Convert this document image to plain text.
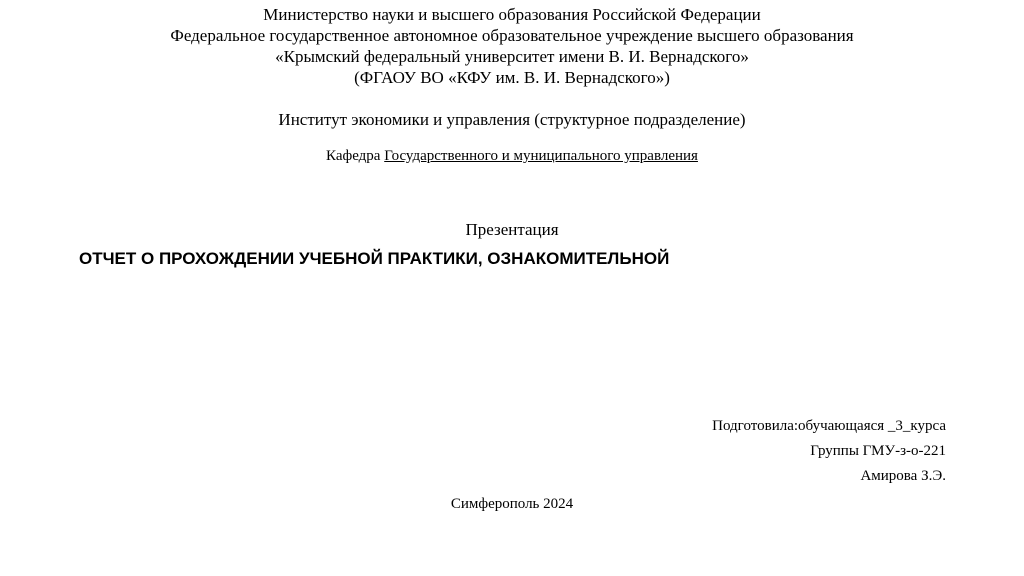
Министерство науки и высшего образования Российской Федерации
Федеральное государственное автономное образовательное учреждение высшего образования
«Крымский федеральный университет имени В. И. Вернадского»
(ФГАОУ ВО «КФУ им. В. И. Вернадского»)
Институт экономики и управления (структурное подразделение)
Кафедра Государственного и муниципального управления
Презентация
ОТЧЕТ О ПРОХОЖДЕНИИ УЧЕБНОЙ ПРАКТИКИ, ОЗНАКОМИТЕЛЬНОЙ
Подготовила:обучающаяся _3_курса
Группы ГМУ-з-о-221
Амирова З.Э.
Симферополь 2024
